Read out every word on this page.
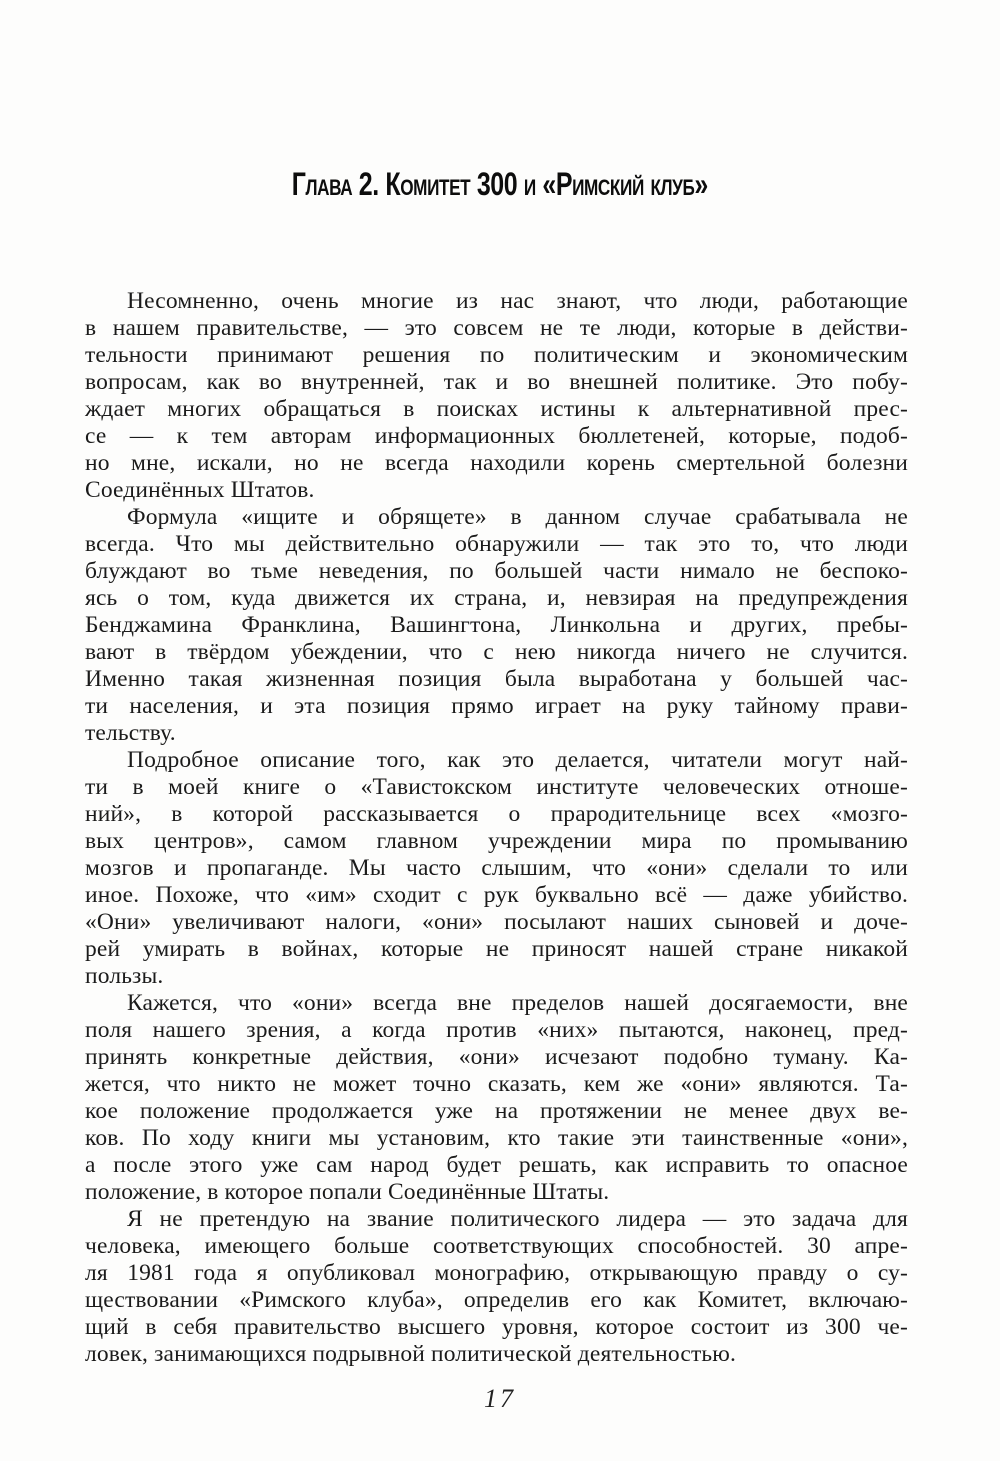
Глава 2. Комитет 300 и «Римский клуб»
Несомненно, очень многие из нас знают, что люди, работающие
в нашем правительстве, — это совсем не те люди, которые в действи-
тельности принимают решения по политическим и экономическим
вопросам, как во внутренней, так и во внешней политике. Это побу-
ждает многих обращаться в поисках истины к альтернативной прес-
се — к тем авторам информационных бюллетеней, которые, подоб-
но мне, искали, но не всегда находили корень смертельной болезни
Соединённых Штатов.
Формула «ищите и обрящете» в данном случае срабатывала не
всегда. Что мы действительно обнаружили — так это то, что люди
блуждают во тьме неведения, по большей части нимало не беспоко-
ясь о том, куда движется их страна, и, невзирая на предупреждения
Бенджамина Франклина, Вашингтона, Линкольна и других, пребы-
вают в твёрдом убеждении, что с нею никогда ничего не случится.
Именно такая жизненная позиция была выработана у большей час-
ти населения, и эта позиция прямо играет на руку тайному прави-
тельству.
Подробное описание того, как это делается, читатели могут най-
ти в моей книге о «Тавистокском институте человеческих отноше-
ний», в которой рассказывается о прародительнице всех «мозго-
вых центров», самом главном учреждении мира по промыванию
мозгов и пропаганде. Мы часто слышим, что «они» сделали то или
иное. Похоже, что «им» сходит с рук буквально всё — даже убийство.
«Они» увеличивают налоги, «они» посылают наших сыновей и доче-
рей умирать в войнах, которые не приносят нашей стране никакой
пользы.
Кажется, что «они» всегда вне пределов нашей досягаемости, вне
поля нашего зрения, а когда против «них» пытаются, наконец, пред-
принять конкретные действия, «они» исчезают подобно туману. Ка-
жется, что никто не может точно сказать, кем же «они» являются. Та-
кое положение продолжается уже на протяжении не менее двух ве-
ков. По ходу книги мы установим, кто такие эти таинственные «они»,
а после этого уже сам народ будет решать, как исправить то опасное
положение, в которое попали Соединённые Штаты.
Я не претендую на звание политического лидера — это задача для
человека, имеющего больше соответствующих способностей. 30 апре-
ля 1981 года я опубликовал монографию, открывающую правду о су-
ществовании «Римского клуба», определив его как Комитет, включаю-
щий в себя правительство высшего уровня, которое состоит из 300 че-
ловек, занимающихся подрывной политической деятельностью.
17
